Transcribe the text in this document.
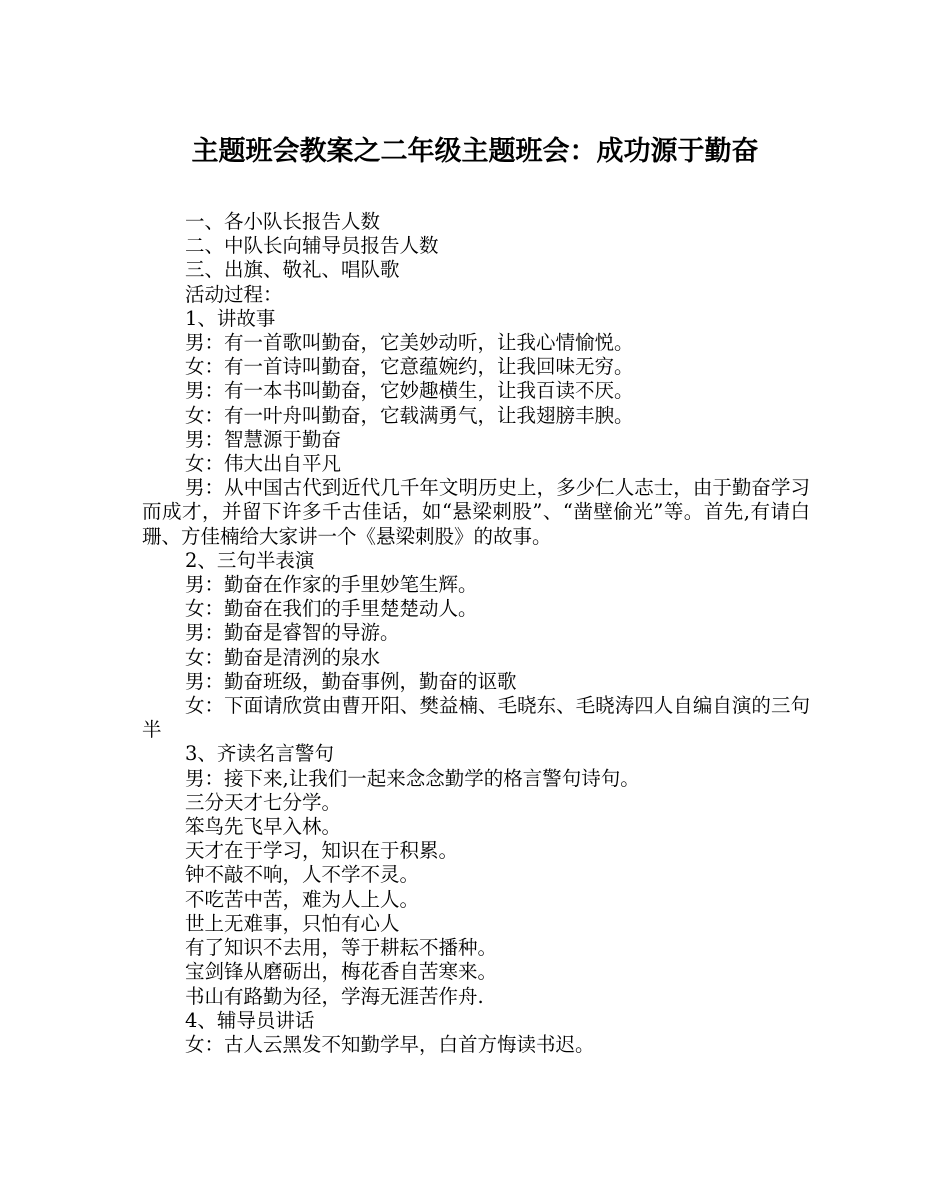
主题班会教案之二年级主题班会：成功源于勤奋

一、各小队长报告人数

二、中队长向辅导员报告人数

三、出旗、敬礼、唱队歌

活动过程：

1、讲故事

男：有一首歌叫勤奋，它美妙动听，让我心情愉悦。

女：有一首诗叫勤奋，它意蕴婉约，让我回味无穷。

男：有一本书叫勤奋，它妙趣横生，让我百读不厌。

女：有一叶舟叫勤奋，它载满勇气，让我翅膀丰腴。

男：智慧源于勤奋

女：伟大出自平凡

男：从中国古代到近代几千年文明历史上，多少仁人志士，由于勤奋学习而成才，并留下许多千古佳话，如“悬梁刺股”、“凿壁偷光”等。首先,有请白珊、方佳楠给大家讲一个《悬梁刺股》的故事。

2、三句半表演

男：勤奋在作家的手里妙笔生辉。

女：勤奋在我们的手里楚楚动人。

男：勤奋是睿智的导游。

女：勤奋是清洌的泉水

男：勤奋班级，勤奋事例，勤奋的讴歌

女：下面请欣赏由曹开阳、樊益楠、毛晓东、毛晓涛四人自编自演的三句半

3、齐读名言警句

男：接下来,让我们一起来念念勤学的格言警句诗句。

三分天才七分学。

笨鸟先飞早入林。

天才在于学习，知识在于积累。

钟不敲不响，人不学不灵。

不吃苦中苦，难为人上人。

世上无难事，只怕有心人

有了知识不去用，等于耕耘不播种。

宝剑锋从磨砺出，梅花香自苦寒来。

书山有路勤为径，学海无涯苦作舟.

4、辅导员讲话

女：古人云黑发不知勤学早，白首方悔读书迟。
